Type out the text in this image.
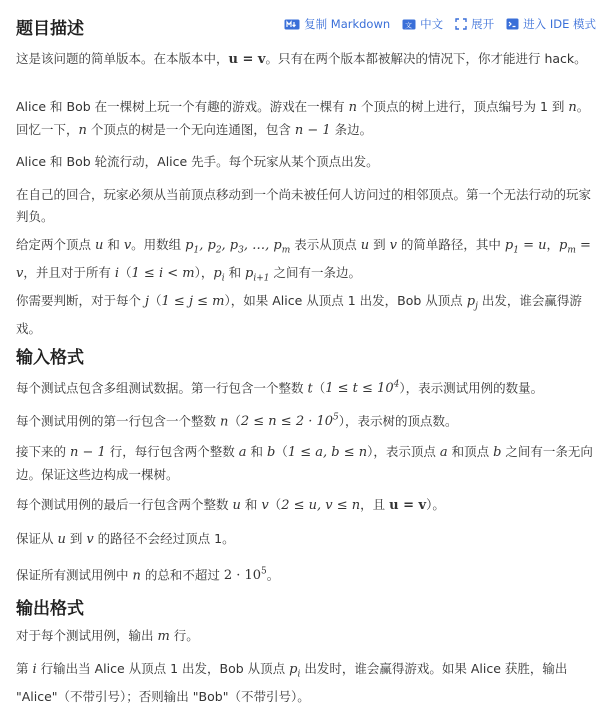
复制 Markdown 文 中文 展开	进入 IDE 模式
题目描述

这是该问题的简单版本。在本版本中，u = v。只有在两个版本都被解决的情况下，你才能进行 hack。

Alice 和 Bob 在一棵树上玩一个有趣的游戏。游戏在一棵有 n 个顶点的树上进行，顶点编号为 1 到 n。回忆一下，n 个顶点的树是一个无向连通图，包含 n − 1 条边。

Alice 和 Bob 轮流行动，Alice 先手。每个玩家从某个顶点出发。

在自己的回合，玩家必须从当前顶点移动到一个尚未被任何人访问过的相邻顶点。第一个无法行动的玩家判负。

给定两个顶点 u 和 v。用数组 $p_1$, $p_2$, $p_3$, …, $p_m$ 表示从顶点 u 到 v 的简单路径，其中 $p_1 = u$，$p_m = v$，并且对于所有 i（1 ≤ i < m），$p_i$ 和 $p_{i+1}$ 之间有一条边。

你需要判断，对于每个 j（1 ≤ j ≤ m），如果 Alice 从顶点 1 出发，Bob 从顶点 $p_j$ 出发，谁会赢得游戏。

输入格式

每个测试点包含多组测试数据。第一行包含一个整数 $t(1 \le t \le 10^4)$，表示测试用例的数量。

每个测试用例的第一行包含一个整数 $n(2 \le n \le 2 \cdot 10^5)$，表示树的顶点数。

接下来的 n − 1 行，每行包含两个整数 a 和 b（1 ≤ a, b ≤ n），表示顶点 a 和顶点 b 之间有一条无向边。保证这些边构成一棵树。

每个测试用例的最后一行包含两个整数 u 和 v（2 ≤ u, v ≤ n，且 u = v）。

保证从 u 到 v 的路径不会经过顶点 1。

保证所有测试用例中 n 的总和不超过 $2 \cdot 10^5$。

输出格式

对于每个测试用例，输出 m 行。

第 i 行输出当 Alice 从顶点 1 出发，Bob 从顶点 $p_i$ 出发时，谁会赢得游戏。如果 Alice 获胜，输出 "Alice"（不带引号）；否则输出 "Bob"（不带引号）。
